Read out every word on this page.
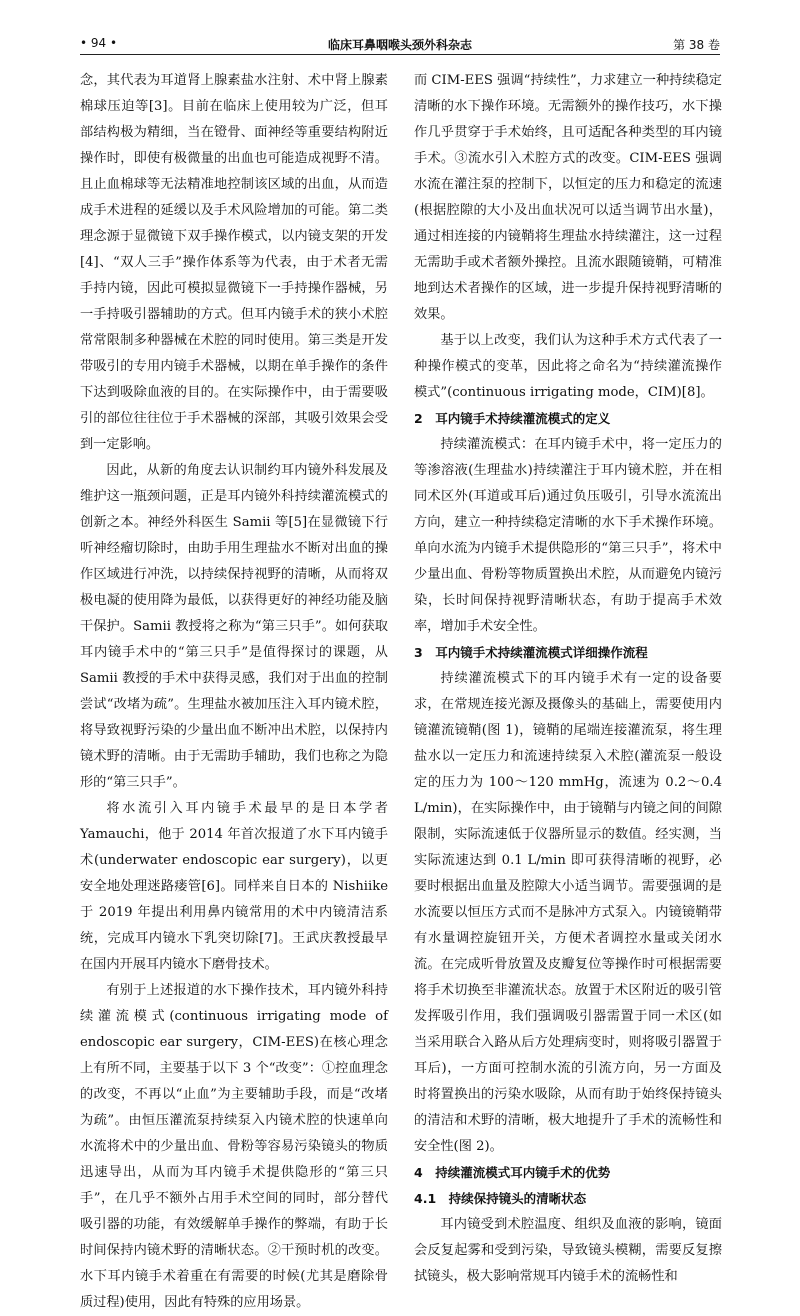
• 94 •	临床耳鼻咽喉头颈外科杂志	第 38 卷

念，其代表为耳道肾上腺素盐水注射、术中肾上腺素棉球压迫等[3]。目前在临床上使用较为广泛，但耳部结构极为精细，当在镫骨、面神经等重要结构附近操作时，即使有极微量的出血也可能造成视野不清。且止血棉球等无法精准地控制该区域的出血，从而造成手术进程的延缓以及手术风险增加的可能。第二类理念源于显微镜下双手操作模式，以内镜支架的开发[4]、“双人三手”操作体系等为代表，由于术者无需手持内镜，因此可模拟显微镜下一手持操作器械，另一手持吸引器辅助的方式。但耳内镜手术的狭小术腔常常限制多种器械在术腔的同时使用。第三类是开发带吸引的专用内镜手术器械，以期在单手操作的条件下达到吸除血液的目的。在实际操作中，由于需要吸引的部位往往位于手术器械的深部，其吸引效果会受到一定影响。

因此，从新的角度去认识制约耳内镜外科发展及维护这一瓶颈问题，正是耳内镜外科持续灌流模式的创新之本。神经外科医生 Samii 等[5]在显微镜下行听神经瘤切除时，由助手用生理盐水不断对出血的操作区域进行冲洗，以持续保持视野的清晰，从而将双极电凝的使用降为最低，以获得更好的神经功能及脑干保护。Samii 教授将之称为“第三只手”。如何获取耳内镜手术中的“第三只手”是值得探讨的课题，从 Samii 教授的手术中获得灵感，我们对于出血的控制尝试“改堵为疏”。生理盐水被加压注入耳内镜术腔，将导致视野污染的少量出血不断冲出术腔，以保持内镜术野的清晰。由于无需助手辅助，我们也称之为隐形的“第三只手”。

将水流引入耳内镜手术最早的是日本学者 Yamauchi，他于 2014 年首次报道了水下耳内镜手术(underwater endoscopic ear surgery)，以更安全地处理迷路瘘管[6]。同样来自日本的 Nishiike 于 2019 年提出利用鼻内镜常用的术中内镜清洁系统，完成耳内镜水下乳突切除[7]。王武庆教授最早在国内开展耳内镜水下磨骨技术。

有别于上述报道的水下操作技术，耳内镜外科持续灌流模式(continuous irrigating mode of endoscopic ear surgery，CIM-EES)在核心理念上有所不同，主要基于以下 3 个“改变”：①控血理念的改变，不再以“止血”为主要辅助手段，而是“改堵为疏”。由恒压灌流泵持续泵入内镜术腔的快速单向水流将术中的少量出血、骨粉等容易污染镜头的物质迅速导出，从而为耳内镜手术提供隐形的“第三只手”，在几乎不额外占用手术空间的同时，部分替代吸引器的功能，有效缓解单手操作的弊端，有助于长时间保持内镜术野的清晰状态。②干预时机的改变。水下耳内镜手术着重在有需要的时候(尤其是磨除骨质过程)使用，因此有特殊的应用场景。

而 CIM-EES 强调“持续性”，力求建立一种持续稳定清晰的水下操作环境。无需额外的操作技巧，水下操作几乎贯穿于手术始终，且可适配各种类型的耳内镜手术。③流水引入术腔方式的改变。CIM-EES 强调水流在灌注泵的控制下，以恒定的压力和稳定的流速(根据腔隙的大小及出血状况可以适当调节出水量)，通过相连接的内镜鞘将生理盐水持续灌注，这一过程无需助手或术者额外操控。且流水跟随镜鞘，可精准地到达术者操作的区域，进一步提升保持视野清晰的效果。

基于以上改变，我们认为这种手术方式代表了一种操作模式的变革，因此将之命名为“持续灌流操作模式”(continuous irrigating mode，CIM)[8]。

2　耳内镜手术持续灌流模式的定义

持续灌流模式：在耳内镜手术中，将一定压力的等渗溶液(生理盐水)持续灌注于耳内镜术腔，并在相同术区外(耳道或耳后)通过负压吸引，引导水流流出方向，建立一种持续稳定清晰的水下手术操作环境。单向水流为内镜手术提供隐形的“第三只手”，将术中少量出血、骨粉等物质置换出术腔，从而避免内镜污染，长时间保持视野清晰状态，有助于提高手术效率，增加手术安全性。

3　耳内镜手术持续灌流模式详细操作流程

持续灌流模式下的耳内镜手术有一定的设备要求，在常规连接光源及摄像头的基础上，需要使用内镜灌流镜鞘(图 1)，镜鞘的尾端连接灌流泵，将生理盐水以一定压力和流速持续泵入术腔(灌流泵一般设定的压力为 100～120 mmHg，流速为 0.2～0.4 L/min)，在实际操作中，由于镜鞘与内镜之间的间隙限制，实际流速低于仪器所显示的数值。经实测，当实际流速达到 0.1 L/min 即可获得清晰的视野，必要时根据出血量及腔隙大小适当调节。需要强调的是水流要以恒压方式而不是脉冲方式泵入。内镜镜鞘带有水量调控旋钮开关，方便术者调控水量或关闭水流。在完成听骨放置及皮瓣复位等操作时可根据需要将手术切换至非灌流状态。放置于术区附近的吸引管发挥吸引作用，我们强调吸引器需置于同一术区(如当采用联合入路从后方处理病变时，则将吸引器置于耳后)，一方面可控制水流的引流方向，另一方面及时将置换出的污染水吸除，从而有助于始终保持镜头的清洁和术野的清晰，极大地提升了手术的流畅性和安全性(图 2)。

4　持续灌流模式耳内镜手术的优势

4.1　持续保持镜头的清晰状态

耳内镜受到术腔温度、组织及血液的影响，镜面会反复起雾和受到污染，导致镜头模糊，需要反复擦拭镜头，极大影响常规耳内镜手术的流畅性和
